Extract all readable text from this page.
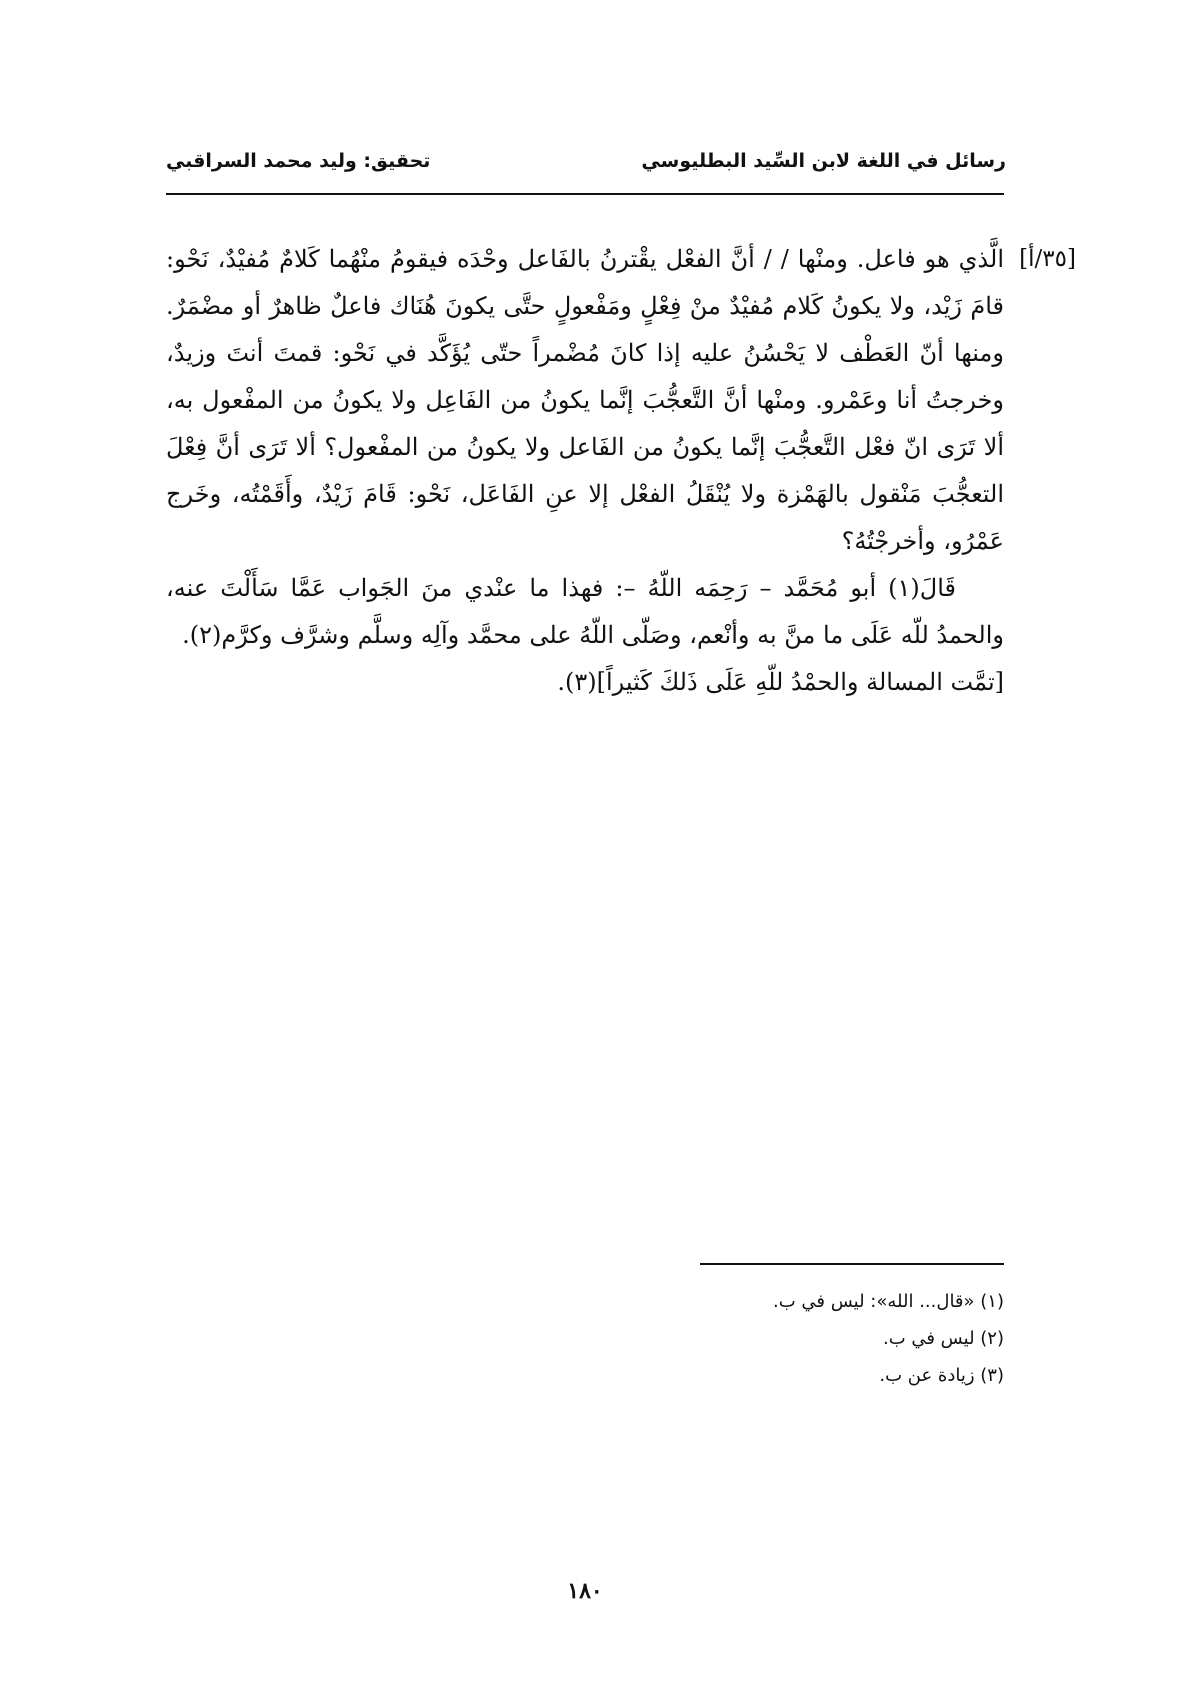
رسائل في اللغة لابن السِّيد البطليوسي
تحقيق: وليد محمد السراقبي
[٣٥/أ]

الَّذي هو فاعل. ومنْها / / أنَّ الفعْل يقْترنُ بالفَاعل وحْدَه فيقومُ منْهُما كَلامٌ مُفيْدٌ، نَحْو: قامَ زَيْد، ولا يكونُ كَلام مُفيْدٌ منْ فِعْلٍ ومَفْعولٍ حتَّى يكونَ هُنَاك فاعلٌ ظاهرٌ أو مضْمَرٌ. ومنها أنّ العَطْف لا يَحْسُنُ عليه إذا كانَ مُضْمراً حتّى يُؤَكَّد في نَحْو: قمتَ أنتَ وزيدٌ، وخرجتُ أنا وعَمْرو. ومنْها أنَّ التَّعجُّبَ إنَّما يكونُ من الفَاعِل ولا يكونُ من المفْعول به، ألا تَرَى انّ فعْل التَّعجُّبَ إنَّما يكونُ من الفَاعل ولا يكونُ من المفْعول؟ ألا تَرَى أنَّ فِعْلَ التعجُّبَ مَنْقول بالهَمْزة ولا يُنْقَلُ الفعْل إلا عنِ الفَاعَل، نَحْو: قَامَ زَيْدٌ، وأَقَمْتُه، وخَرج عَمْرُو، وأخرجْتُهُ؟

قَالَ(١) أبو مُحَمَّد – رَحِمَه اللّهُ –: فهذا ما عنْدي منَ الجَواب عَمَّا سَأَلْتَ عنه، والحمدُ للّه عَلَى ما منَّ به وأنْعم، وصَلّى اللّهُ على محمَّد وآلِه وسلَّم وشرَّف وكرَّم(٢).

[تمَّت المسالة والحمْدُ للّهِ عَلَى ذَلكَ كَثيراً](٣).

(١) «قال... الله»: ليس في ب.

(٢) ليس في ب.

(٣) زيادة عن ب.

١٨٠
